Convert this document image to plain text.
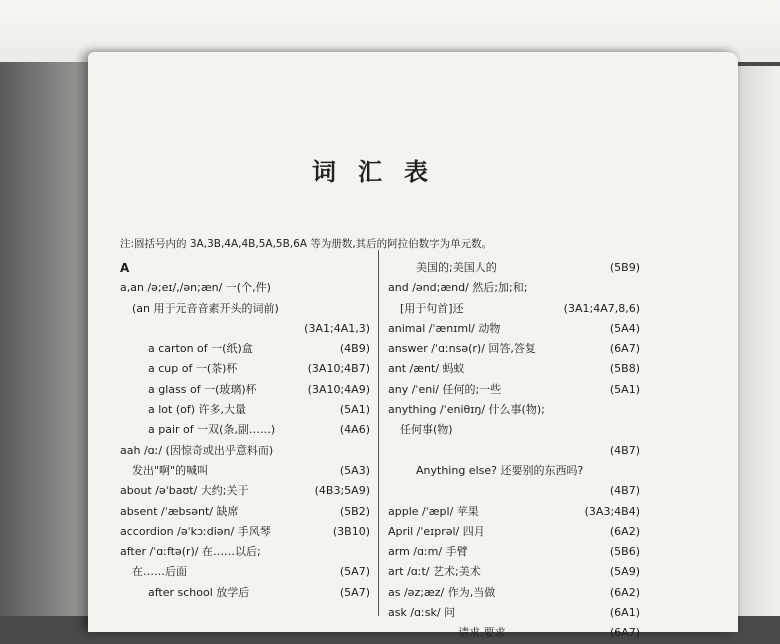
词汇表
注:圆括号内的 3A,3B,4A,4B,5A,5B,6A 等为册数,其后的阿拉伯数字为单元数。
A
a,an /ə;eɪ/,/ən;æn/ 一(个,件)
(an 用于元音音素开头的词前)
(3A1;4A1,3)
a carton of 一(纸)盒	(4B9)
a cup of 一(茶)杯	(3A10;4B7)
a glass of 一(玻璃)杯	(3A10;4A9)
a lot (of) 许多,大量	(5A1)
a pair of 一双(条,副……)	(4A6)
aah /ɑː/ (因惊奇或出乎意料而)
发出"啊"的喊叫	(5A3)
about /əˈbaʊt/ 大约;关于	(4B3;5A9)
absent /ˈæbsənt/ 缺席	(5B2)
accordion /əˈkɔːdiən/ 手风琴	(3B10)
after /ˈɑːftə(r)/ 在……以后;
在……后面	(5A7)
after school 放学后	(5A7)
美国的;美国人的	(5B9)
and /ənd;ænd/ 然后;加;和;
[用于句首]还	(3A1;4A7,8,6)
animal /ˈænɪml/ 动物	(5A4)
answer /ˈɑːnsə(r)/ 回答,答复	(6A7)
ant /ænt/ 蚂蚁	(5B8)
any /ˈeni/ 任何的;一些	(5A1)
anything /ˈeniθɪŋ/ 什么事(物);
任何事(物)
(4B7)
Anything else? 还要别的东西吗?
(4B7)
apple /ˈæpl/ 苹果	(3A3;4B4)
April /ˈeɪprəl/ 四月	(6A2)
arm /ɑːm/ 手臂	(5B6)
art /ɑːt/ 艺术;美术	(5A9)
as /əz;æz/ 作为,当做	(6A2)
ask /ɑːsk/ 问	(6A1)
请求,要求	(6A7)
